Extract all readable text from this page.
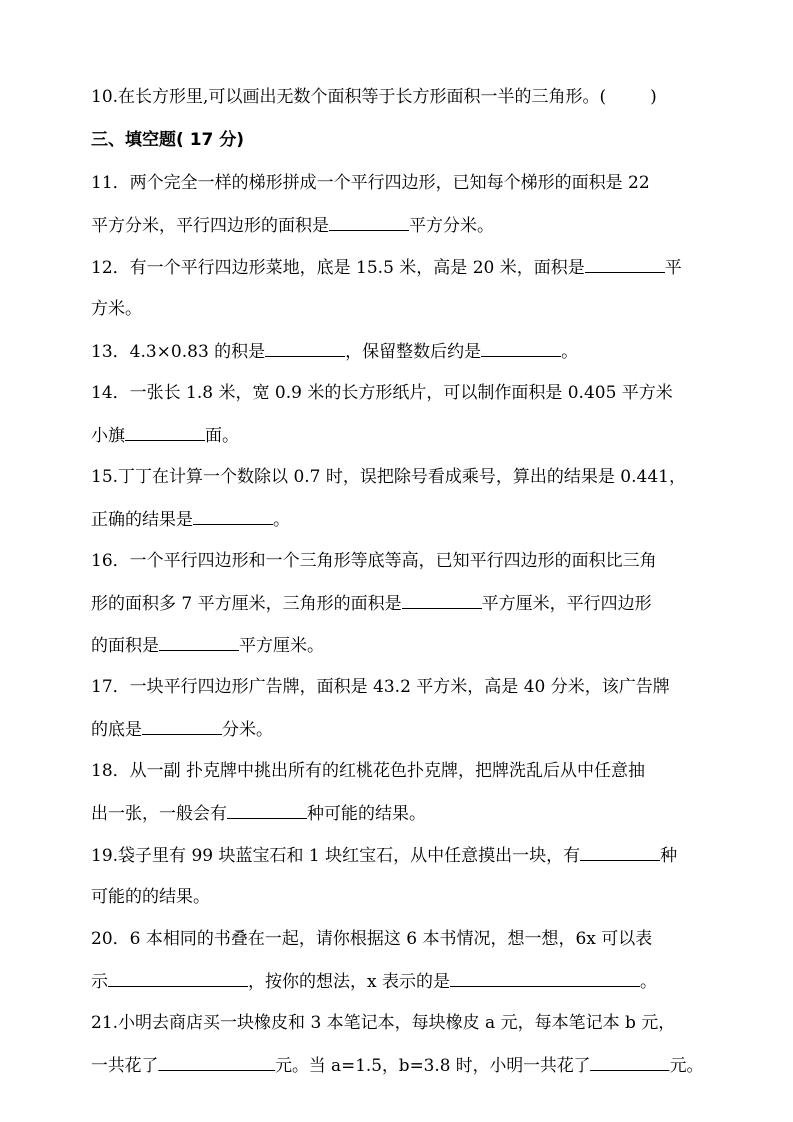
10.在长方形里,可以画出无数个面积等于长方形面积一半的三角形。(	)
三、填空题( 17 分)
11．两个完全一样的梯形拼成一个平行四边形，已知每个梯形的面积是 22
平方分米，平行四边形的面积是	平方分米。
12．有一个平行四边形菜地，底是 15.5 米，高是 20 米，面积是	平
方米。
13．4.3×0.83 的积是	，保留整数后约是	。
14．一张长 1.8 米，宽 0.9 米的长方形纸片，可以制作面积是 0.405 平方米
小旗	面。
15.丁丁在计算一个数除以 0.7 时，误把除号看成乘号，算出的结果是 0.441，
正确的结果是	。
16．一个平行四边形和一个三角形等底等高，已知平行四边形的面积比三角
形的面积多 7 平方厘米，三角形的面积是	平方厘米，平行四边形
的面积是	平方厘米。
17．一块平行四边形广告牌，面积是 43.2 平方米，高是 40 分米，该广告牌
的底是	分米。
18．从一副 扑克牌中挑出所有的红桃花色扑克牌，把牌洗乱后从中任意抽
出一张，一般会有	种可能的结果。
19.袋子里有 99 块蓝宝石和 1 块红宝石，从中任意摸出一块，有	种
可能的的结果。
20．6 本相同的书叠在一起，请你根据这 6 本书情况，想一想，6x 可以表
示	，按你的想法，x 表示的是	。
21.小明去商店买一块橡皮和 3 本笔记本，每块橡皮 a 元，每本笔记本 b 元，
一共花了	元。当 a=1.5，b=3.8 时，小明一共花了	元。
